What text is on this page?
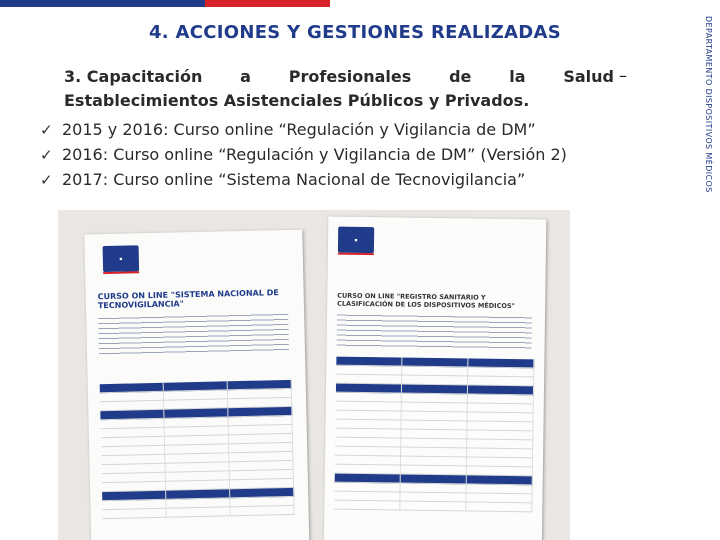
4. ACCIONES Y GESTIONES REALIZADAS
3. Capacitación a Profesionales de la Salud
Establecimientos Asistenciales Públicos y Privados.
–
✓ 2015 y 2016: Curso online “Regulación y Vigilancia de DM”
✓ 2016: Curso online “Regulación y Vigilancia de DM” (Versión 2)
✓ 2017: Curso online “Sistema Nacional de Tecnovigilancia”	DEPARTAMENTO DISPOSITIVOS MÉDICOS
■
CURSO ON LINE "SISTEMA NACIONAL DE TECNOVIGILANCIA"
■
CURSO ON LINE "REGISTRO SANITARIO Y CLASIFICACIÓN DE LOS DISPOSITIVOS MÉDICOS"
